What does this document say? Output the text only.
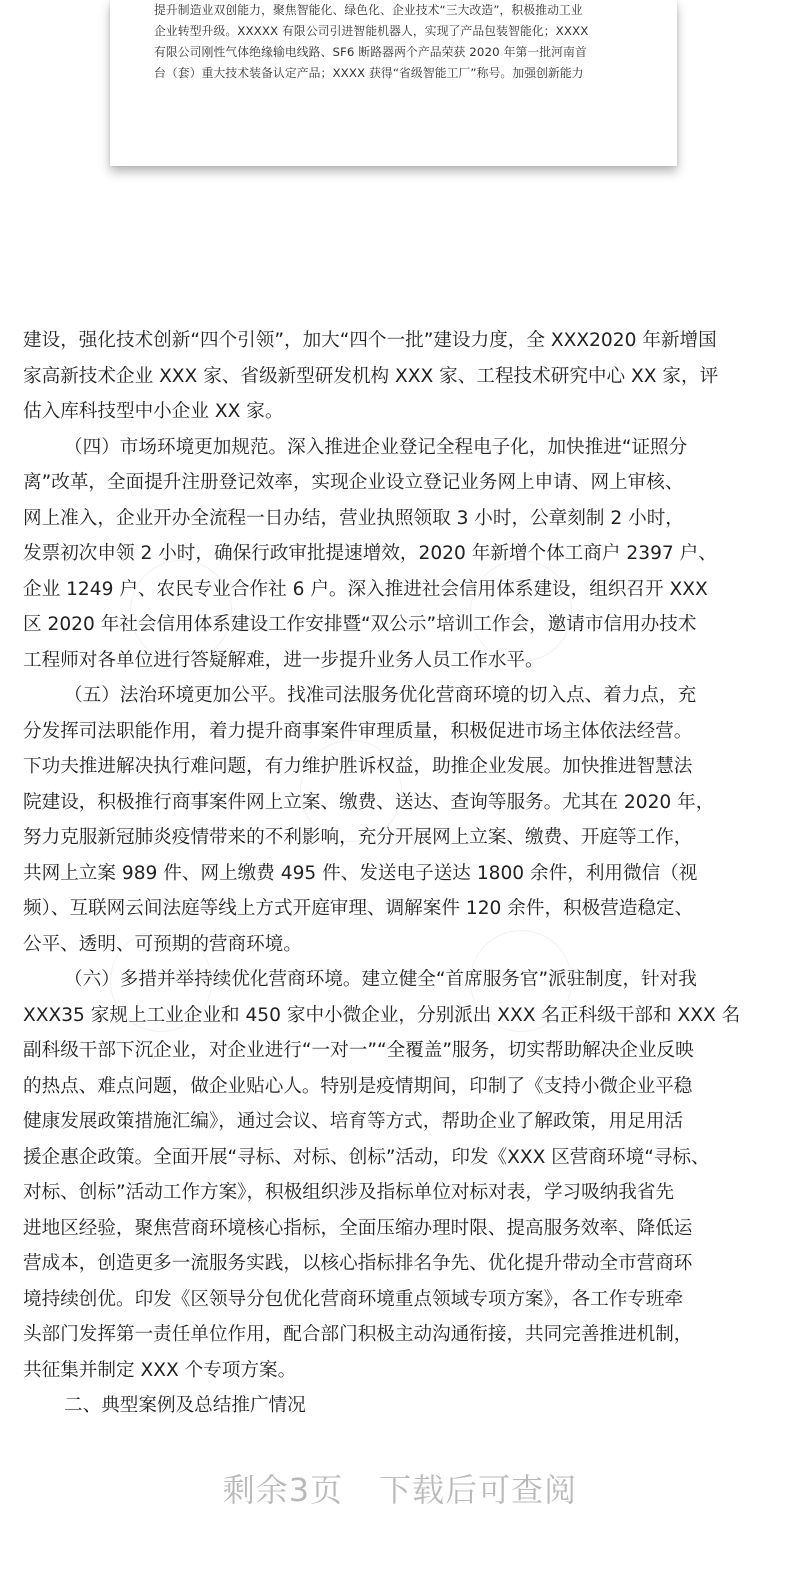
提升制造业双创能力，聚焦智能化、绿色化、企业技术“三大改造”，积极推动工业
企业转型升级。XXXXX 有限公司引进智能机器人，实现了产品包装智能化；XXXX
有限公司刚性气体绝缘输电线路、SF6 断路器两个产品荣获 2020 年第一批河南首
台（套）重大技术装备认定产品；XXXX 获得“省级智能工厂”称号。加强创新能力

建设，强化技术创新“四个引领”，加大“四个一批”建设力度，全 XXX2020 年新增国
家高新技术企业 XXX 家、省级新型研发机构 XXX 家、工程技术研究中心 XX 家，评
估入库科技型中小企业 XX 家。
（四）市场环境更加规范。深入推进企业登记全程电子化，加快推进“证照分
离”改革，全面提升注册登记效率，实现企业设立登记业务网上申请、网上审核、
网上准入，企业开办全流程一日办结，营业执照领取 3 小时，公章刻制 2 小时，
发票初次申领 2 小时，确保行政审批提速增效，2020 年新增个体工商户 2397 户、
企业 1249 户、农民专业合作社 6 户。深入推进社会信用体系建设，组织召开 XXX
区 2020 年社会信用体系建设工作安排暨“双公示”培训工作会，邀请市信用办技术
工程师对各单位进行答疑解难，进一步提升业务人员工作水平。
（五）法治环境更加公平。找准司法服务优化营商环境的切入点、着力点，充
分发挥司法职能作用，着力提升商事案件审理质量，积极促进市场主体依法经营。
下功夫推进解决执行难问题，有力维护胜诉权益，助推企业发展。加快推进智慧法
院建设，积极推行商事案件网上立案、缴费、送达、查询等服务。尤其在 2020 年，
努力克服新冠肺炎疫情带来的不利影响，充分开展网上立案、缴费、开庭等工作，
共网上立案 989 件、网上缴费 495 件、发送电子送达 1800 余件，利用微信（视
频）、互联网云间法庭等线上方式开庭审理、调解案件 120 余件，积极营造稳定、
公平、透明、可预期的营商环境。
（六）多措并举持续优化营商环境。建立健全“首席服务官”派驻制度，针对我
XXX35 家规上工业企业和 450 家中小微企业，分别派出 XXX 名正科级干部和 XXX 名
副科级干部下沉企业，对企业进行“一对一”“全覆盖”服务，切实帮助解决企业反映
的热点、难点问题，做企业贴心人。特别是疫情期间，印制了《支持小微企业平稳
健康发展政策措施汇编》，通过会议、培育等方式，帮助企业了解政策，用足用活
援企惠企政策。全面开展“寻标、对标、创标”活动，印发《XXX 区营商环境“寻标、
对标、创标”活动工作方案》，积极组织涉及指标单位对标对表，学习吸纳我省先
进地区经验，聚焦营商环境核心指标，全面压缩办理时限、提高服务效率、降低运
营成本，创造更多一流服务实践，以核心指标排名争先、优化提升带动全市营商环
境持续创优。印发《区领导分包优化营商环境重点领域专项方案》，各工作专班牵
头部门发挥第一责任单位作用，配合部门积极主动沟通衔接，共同完善推进机制，
共征集并制定 XXX 个专项方案。
二、典型案例及总结推广情况
剩余3页 下载后可查阅
